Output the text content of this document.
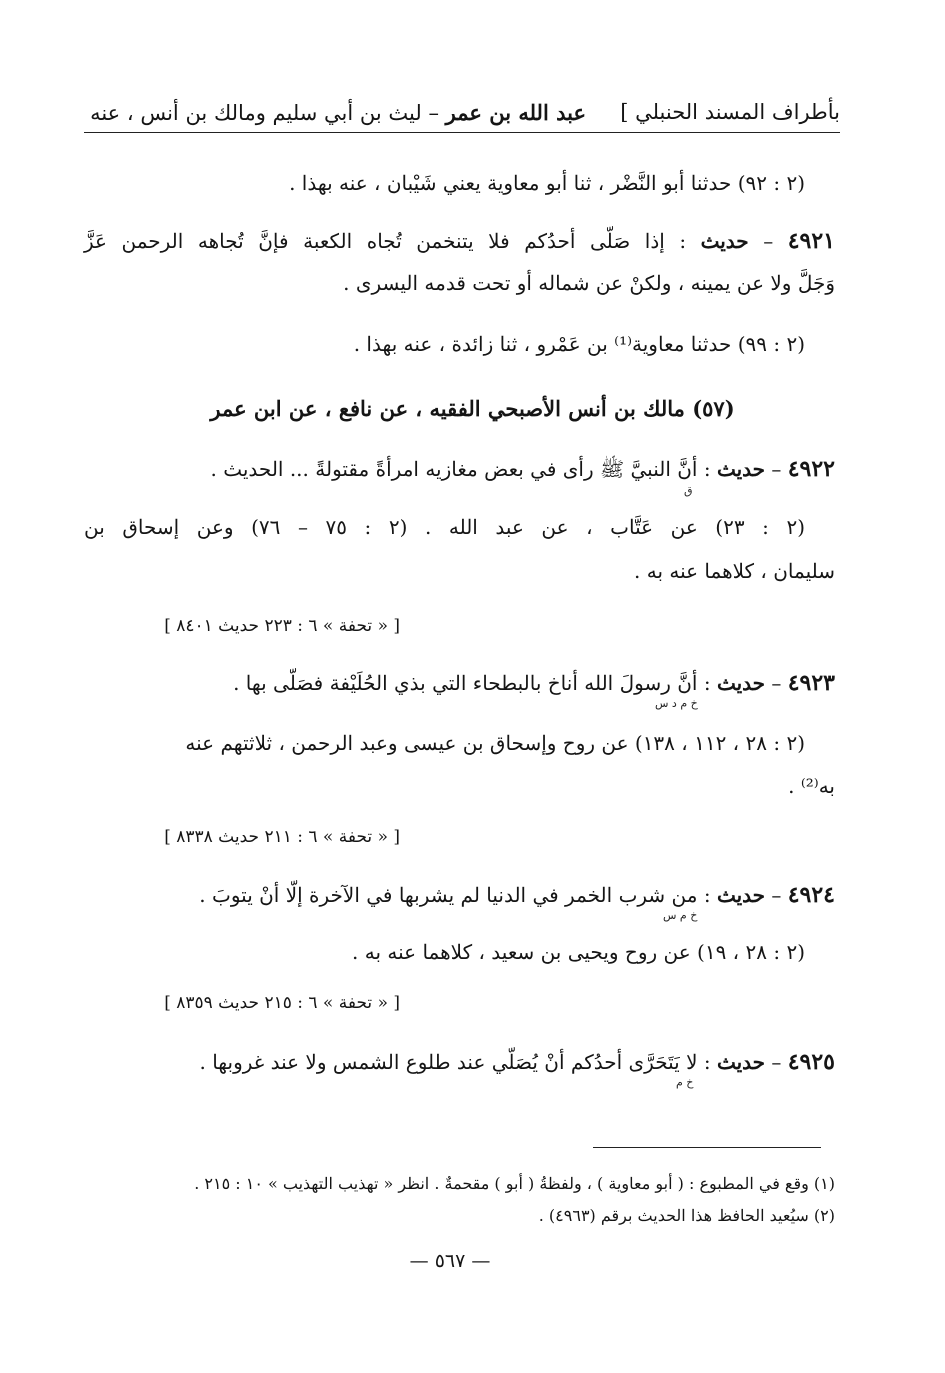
بأطراف المسند الحنبلي ]
عبد الله بن عمر – ليث بن أبي سليم ومالك بن أنس ، عنه
(٢ : ٩٢) حدثنا أبو النَّضْر ، ثنا أبو معاوية يعني شَيْبان ، عنه بهذا .
٤٩٢١ – حديث : إذا صَلّى أحدُكم فلا يتنخمن تُجاه الكعبة فإنَّ تُجاهه الرحمن عَزَّ
وَجَلَّ ولا عن يمينه ، ولكنْ عن شماله أو تحت قدمه اليسرى .
(٢ : ٩٩) حدثنا معاوية⁽¹⁾ بن عَمْرو ، ثنا زائدة ، عنه بهذا .
(٥٧) مالك بن أنس الأصبحي الفقيه ، عن نافع ، عن ابن عمر
٤٩٢٢ – حديث : أنَّ النبيَّ ﷺ رأى في بعض مغازيه امرأةً مقتولةً ... الحديث .
ق
(٢ : ٢٣) عن عَتَّاب ، عن عبد الله . (٢ : ٧٥ – ٧٦) وعن إسحاق بن
سليمان ، كلاهما عنه به .
[ « تحفة » ٦ : ٢٢٣ حديث ٨٤٠١ ]
٤٩٢٣ – حديث : أنَّ رسولَ الله أناخ بالبطحاء التي بذي الحُلَيْفة فصَلّى بها .
خ م د س
(٢ : ٢٨ ، ١١٢ ، ١٣٨) عن روح وإسحاق بن عيسى وعبد الرحمن ، ثلاثتهم عنه
به⁽²⁾ .
[ « تحفة » ٦ : ٢١١ حديث ٨٣٣٨ ]
٤٩٢٤ – حديث : من شرب الخمر في الدنيا لم يشربها في الآخرة إلّا أنْ يتوبَ .
خ م س
(٢ : ٢٨ ، ١٩) عن روح ويحيى بن سعيد ، كلاهما عنه به .
[ « تحفة » ٦ : ٢١٥ حديث ٨٣٥٩ ]
٤٩٢٥ – حديث : لا يَتَحَرَّى أحدُكم أنْ يُصَلّي عند طلوع الشمس ولا عند غروبها .
خ م
(١) وقع في المطبوع : ( أبو معاوية ) ، ولفظةُ ( أبو ) مقحمةٌ . انظر « تهذيب التهذيب » ١٠ : ٢١٥ .
(٢) سيُعيد الحافظ هذا الحديث برقم (٤٩٦٣) .
— ٥٦٧ —
